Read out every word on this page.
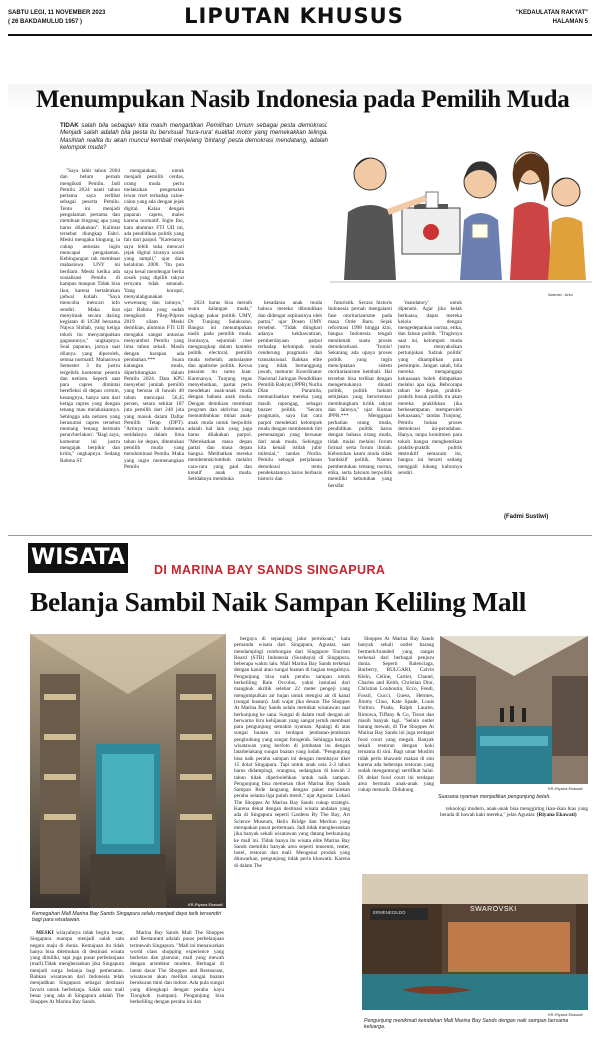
SABTU LEGI, 11 NOVEMBER 2023
( 26 BAKDAMULUD 1957 )	LIPUTAN KHUSUS	"KEDAULATAN RAKYAT"
HALAMAN 5
Menumpukan Nasib Indonesia pada Pemilih Muda
TIDAK salah bila sebagian kita masih mengartikan Pemilihan Umum sebagai pesta demokrasi. Menjadi salah adalah bila pesta itu bervisual 'hura-rura' kualitat motor yang memekakkan telinga. Masihlah realita itu akan muncul kembali menjelang 'bintang' pesta demokrasi mendatang, adalah kelompok muda?
ilustrasi : Arko

"Saya lahir tahun 2004 dan belum pernah mengikuti Pemilu. Jadi Pemilu 2024 nanti tahun pertama saya terlibat sebagai peserta Pemilu. Tentu ini menjadi pengalaman pertama dan membuat bingung apa yang harus dilakukan". Kalimat tersebut diungkap Fahri. Meski mengaku bingung, ia cukup antusias ingin mencapai pengalaman. Kebingungan tak membuat mahasiswa UNY ini berdiam. Meski ketika ada sosialisasi Pemilu di kampus maupun Tidak bisa ikut, karena bertabrakan jadwal kuliah. "Saya mencoba mencari info sendiri. Maka ikut menyimak secara daring kegiatan di UGM bersama Najwa Shihab, yang ketiga tokoh itu menyampaikan gagasannya," ungkapnya. Soal paparan, jarnya saat dilanya yang diperoleh, semua normatif. Mahasiswa Semester 3 itu justru tergelitik komentar peserta dan netizen. Seperti saat para capres dimintai berefleksi di depan cermin, kesangnya, hanya satu dari ketiga capres yang dengan tenang mau melakukannya. Sehingga ada netizen yang berasumsi capres tersebut memang 'tenang bermain peran/berlakon'. "Bagi saya, komentar ini justru mengajak berpikir dan kritis," ungkapnya. Sedang Rahma ST

mengatakan, untuk menjadi pemilih cerdas, orang muda perlu melakukan pengenalan lewat riset terhadap calon-calon yang ada dengan jejak digital. Kalau dengan paparan capres, males karena normatif. Ingin Iho, kata alumnus FTI UII ini, ada pendidikan politik yang fair dari parpol. "Karenanya saya lebih suka mencari jejak digital kiranya sosok yang tampil," ujar dara kelahiran 2000. "Itu pun saya kesal mendengar berita sosok yang dipilih rakyat ternyata tidak amanah. Yang korupsi, menyalahgunakan wewenang dan lainnya," ujar Rahma yang sudah mengikuti Pileg-Pilpres 2019 silam. Meski demikian, alumnus FTI UII mengaku sangat antusias menyambut Pemilu yang lima tahun sekali. Masih dengan harapan ada perubahan.*** Suara kalangan muda, diperhitungkan dalam Pemilu 2024. Data KPU menyebut jumlah pemilih yang berusia di bawah 40 tahun mencapai 56,45 persen, setara sekitar 107 juta pemilih dari 240 juta yang masuk dalam Daftar Pemilih Tetap (DPT). "Artinya nasib Indonesia setidaknya dalam lima tahun ke depan, ditentukan pemilih muda yang mendominasi Pemilu. Maka yang ingin memenangkan Pemilu

2024 harus bisa meraih suara kalangan muda," ungkap pakar politik UMY, Dr Tunjung Sulaksono. Bangsa ini menumpukan nasib pada pemilih muda. Ironisnya, sejumlah riset mengungkap dalam konteks politik electoral, pemilih muda terbelah; antusiasme dan apatisme politik. Kecua pusaran itu sama kuat. Karenanya, Tunjung tegas menyebutkan, partai perlu mendekati anak-anak muda dengan bahasa anak muda. Dengan demikian membuat program dan aktivitas yang menumbuhkan minat anak-anak muda untuk berpolitik adalah hal lain yang juga harus dilakukan parpol. "Merekatkan masa depan partai dan masa depan bangsa. Melibatkan mereka membentuk/tumbuh melalui cara-cara yang gaul dan kreatif anak muda. Setidaknya membuka

kesadaran anak muda bahwa mereka dibutuhkan dan didengar aspirasinya oleh partai," ujar Dosen UMY tersebut. "Tidak diingkari adanya kekhawatiran, pemberdayaan parpol terhadap kelompok muda cenderung pragmatis dan transaksional. Bahkan elite yang tidak bertanggung jawab, menurut Koordinator Nasional Jaringan Pendidikan Pemilih Rakyat (JPPR) Nurlia Dian Paramita, memanfaatkan mereka yang masih rapongag, sebagai buzzer politik. "Secara pragmatis, saya liat cara parpol mendekati kelompok muda dengan membentuk tim pemenangan yang bersasar dari anak muda. Sehingga kita kenali istilah jubir milenial," tandas Nurlia. Pemilu sebagai perjalanan demokrasi tentu pendekatannya harus berbasis historis dan

futuristik. Secara historis Indonesia pernah mengalami fase otoritarianisme pada masa Orde Baru. Sejak reformasi 1998 hingga kini, bangsa Indonesia tengah menikmati suatu proses demokratisasi. "Ironis! Sekarang ada upaya proses politik yang ingin menciptakan sistem otoritarianisme kembali. Hal tersebut bisa terlihat dengan mengemukanya dinasti politik, politik hukum sebijakan yang berorientasi membungkam kritik rakyat dan lainnya," ujar Komas JPPR.*** Menggapai perhatian orang muda, pendidikan politik harus dengan bahasa orang muda, tidak mulai melalui forum formal serta forum ilmiah. Kebutuhan kaum muda tidak 'hardskill' politik. Namun pembentukan tentang norma, etika, serta falsium berpolitik memiliki kebutuhan yang bersifat

'mandatory' untuk dipenuhi. Agar jika kelak berkuasa, dapat mereka kelola dengan mengedepankan norma, etika, dan falsun politik. "Tragisnya saat ini, kelompok muda justru menyaksikan pertunjukan 'ludruk politik' yang ditampilkan para pemimpin. Jangan salah, bila mereka menganggap kekuasaan boleh didapatkan melalui apa saja. Bebcorapa tahun ke depan, praktik-praktik busuk politik itu akan mereka praktikkan jika berkesempatan memperoleh kekuasaan," tandas Tunjung. Pemilu bukan proses demokrasi ini-peradaban. Hanya, tanpa komitmen para tokoh bangsa menghentikan praktik-praktik politik destruktif semacam itu, bangsa ini berarti sedang menggali lubang kuburnya sendiri.

(Fadmi Sustiwi)
WISATA DI MARINA BAY SANDS SINGAPURA
Belanja Sambil Naik Sampan Keliling Mall
KR-Riyana Ekawati
Kemegahan Mall Marina Bay Sands Singapura selalu menjadi daya tarik tersendiri bagi para wisatawan.
KR-Riyana Ekawati
Suasana nyaman menjadikan pengunjung betah.
ERMENEGILDO	SWAROVSKI
KR-Riyana Ekawati
Pengunjung menikmati keindahan Mall Marina Bay Sands dengan naik sampan bersama keluarga.

MESKI wilayahnya tidak begitu besar, Singapura mampu menjadi salah satu negara maju di dunia. Kemajuan itu tidak hanya bisa ditemukan di destinasi wisata yang dimiliki, tapi juga pusat perbelanjaan (mall).Tidak mengherankan jika Singapura menjadi surga belanja bagi pemenatan. Bahkan wisatawan dari Indonesia telah menjadikan Singapura sebagai destinasi favorit untuk berbelanja. Salah satu mall besar yang ada di Singapura adalah The Shoppes At Marina Bay Sands.

Marina Bay Sands Mall The Shoppes and Restaurant adalah pusat perbelanjaan termewah Singapura. "Mall ini menawarkan world class shopping experience yang berkelas dan glamour, mall yang mewah dengan arsitektur modern. Berbagai di lantai dasar The Shoppes and Restaurant, wisatawan akan melihat sungai buatan berukuran mini dan indoor. Ada pula sungai yang dilengkapi dengan perahu kayu Tiongkok (sampan). Pengunjung bisa berkeliling dengan perahu ini dan

bergaya di sepanjang jalur pertokoan," kata pemandu wisata dari Singapura, Agustar, saat mendampingi rombongan dari Singapore Tourism Board (STB) Indonesia (Surabaya) di Singapura, beberapa waktu lalu. Mall Marina Bay Sands terkenal dengan kanal atau sungai buatan di bagian tengahnya. Pengunjung bisa naik perahu sampan untuk berkeliling Rain Occulus, yakni instalasi dari mangkuk akrilik selebar 22 meter pengeji yang mengumpulkan air hujan untuk mengisi air di kanal (sungai buatan). Jadi wajar jika desain The Shoppes At Marina Bay Sands selalu memikat wisatawan saat berkunjung ke sana. Sungai di dalam mall dengan air berwarna biru kehijauan yang sangat jernih membuat para pengunjung semakin nyaman. Apalagi di atas sungai buatan ini terdapat jembatan-jembatan penghubung yang sangat fotogenik. Sehingga banyak wisatawan yang berfoto di jembatan ini dengan latarbelakang sungai buatan yang indah. "Pengunjung bisa naik perahu sampan ini dengan membayar tiket 15 dolar Singapura. Tapi untuk anak usia 2-3 tahun harus didampingi, orangtua, sedangkan di bawah 2 tahun tidak diperbolehkan untuk naik sampan. Pengunjung bisa memesan tiket Marina Bay Sands Sampan Ride langsung dengan paket melainkan perahu selama tiga puluh menit," ujar Agustar. Lokasi The Shoppes At Marina Bay Sands cukup strategis. Karena dekat dengan destinasi wisata andalan yang ada di Singapura seperti Gardens By The Bay, Art Science Museum, Helix Bridge dan Merlion yang merupakan pusat pertemuan. Jadi tidak mengherankan jika banyak sekali wisatawan yang datang berkunjung ke mall ini. Tidak hanya itu wisata elite Marina Bay Sands memiliki banyak area seperti museum, teater, hotel, restoran dan mall. Mengenai produk yang ditawarkan, pengunjung tidak perlu khawatir. Karena di dalam The

Shoppes At Marina Bay Sands banyak sekali outlet barang bermerk/branded yang sangat terkenal dari berbagai penjuru dunia. Seperti Balenciaga, Burberry, BULGARI, Calvin Klein, Celine, Cartier, Chanel, Charles and Keith, Christian Dior, Christian Louboutin, Ecco, Fendi, Fossil, Gucci, Guess, Hermes, Jimmy Choo, Kate Spade, Louis Vuitton, Prada, Ralph Lauren, Rimowa, Tiffany & Co, Tissot dan masih banyak lagi. "Selain outlet barang mewah, di The Shoppes At Marina Bay Sands ini juga terdapat food court yang megah. Banyak sekali restoran dengan koki ternama di sini. Bagi umat Muslim tidak perlu khawatir makan di sini karena ada beberapa restoran yang sudah mengantongi sertifikat halal. Di dekat food court ini terdapat area bermain anak-anak yang cukup menarik. Didukung

teknologi modern, anak-anak bisa menggiring ikan-ikan hias yang berada di bawah kaki mereka," jelas Agustar. (Riyana Ekawati)
